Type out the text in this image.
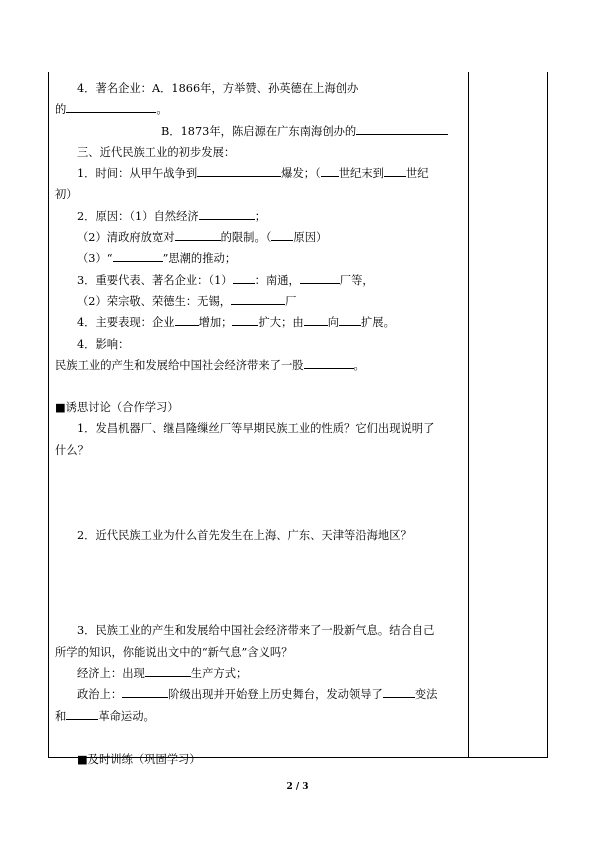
4．著名企业：A．1866年，方举赞、孙英德在上海创办
的	。
B．1873年，陈启源在广东南海创办的
三、近代民族工业的初步发展：
1．时间：从甲午战争到	爆发；（ 世纪末到 世纪
初）
2．原因：（1）自然经济	；
（2）清政府放宽对	的限制。（ 原因）
（3）“	”思潮的推动；
3．重要代表、著名企业：（1） ：南通，	厂等，
（2）荣宗敬、荣德生：无锡，	厂
4．主要表现：企业 增加； 扩大；由 向 扩展。
4．影响：
民族工业的产生和发展给中国社会经济带来了一股	。
■诱思讨论（合作学习）
1．发昌机器厂、继昌隆缫丝厂等早期民族工业的性质？它们出现说明了
什么？
2．近代民族工业为什么首先发生在上海、广东、天津等沿海地区？
3．民族工业的产生和发展给中国社会经济带来了一股新气息。结合自己
所学的知识，你能说出文中的“新气息”含义吗？
经济上：出现	生产方式；
政治上：	阶级出现并开始登上历史舞台，发动领导了	变法
和	革命运动。
■及时训练（巩固学习）
2 / 3
